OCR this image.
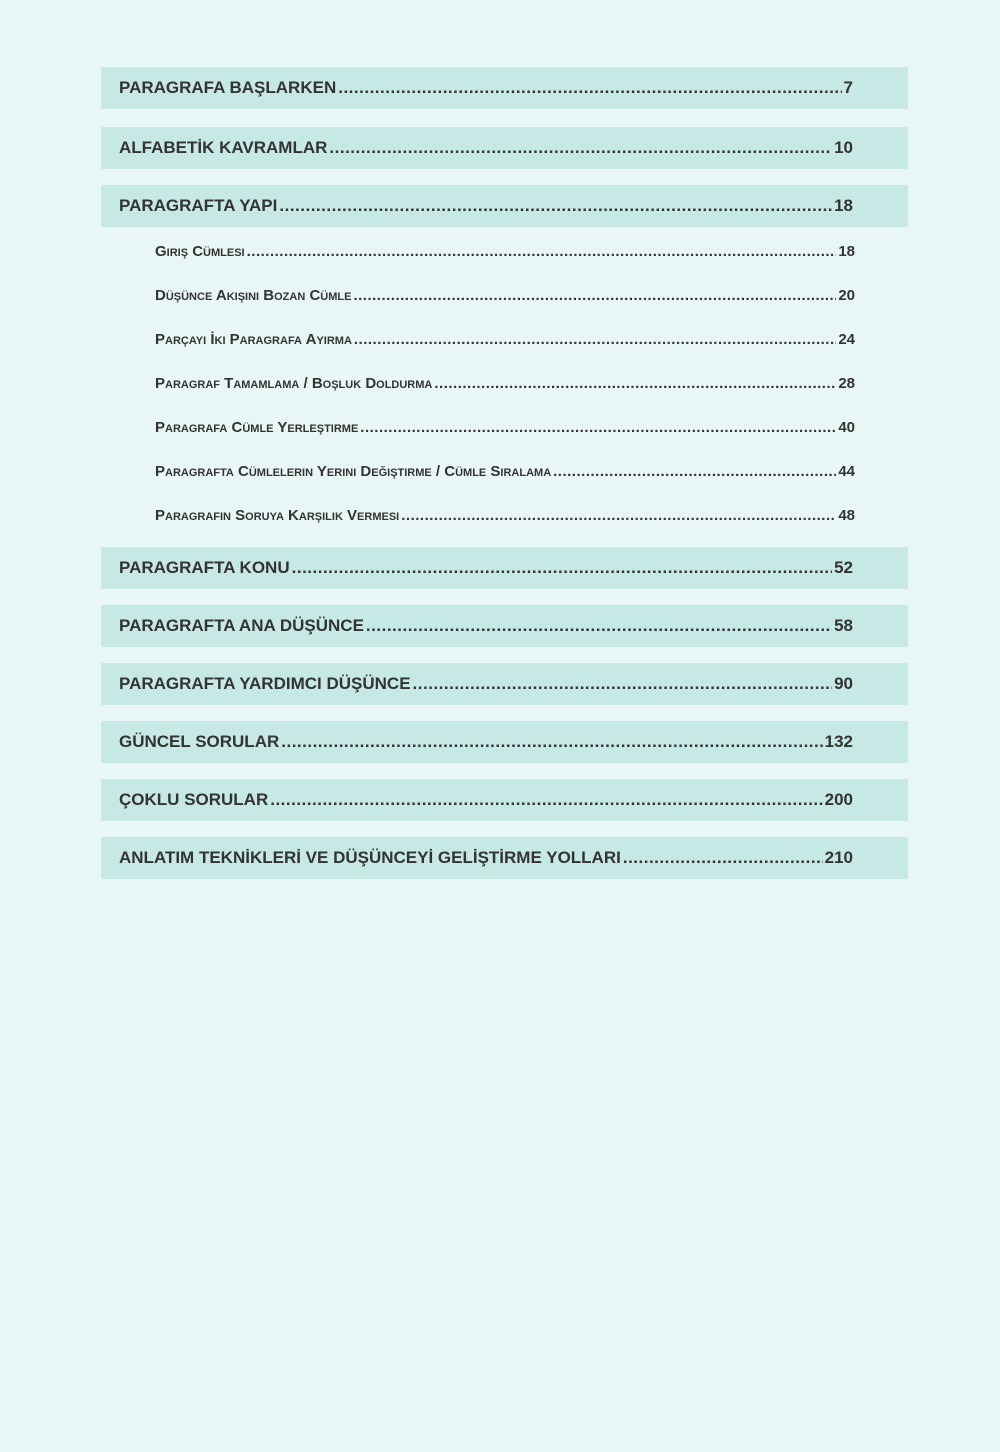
PARAGRAFA BAŞLARKEN .....	7
ALFABETİK KAVRAMLAR .....	10
PARAGRAFTA YAPI .....	18
Giriş Cümlesi .....	18
Düşünce Akışını Bozan Cümle .....	20
Parçayı İki Paragrafa Ayırma .....	24
Paragraf Tamamlama / Boşluk Doldurma .....	28
Paragrafa Cümle Yerleştirme .....	40
Paragrafta Cümlelerin Yerini Değiştirme / Cümle Sıralama .....	44
Paragrafın Soruya Karşılık Vermesi .....	48
PARAGRAFTA KONU .....	52
PARAGRAFTA ANA DÜŞÜNCE .....	58
PARAGRAFTA YARDIMCI DÜŞÜNCE .....	90
GÜNCEL SORULAR .....	132
ÇOKLU SORULAR .....	200
ANLATIM TEKNİKLERİ VE DÜŞÜNCEYİ GELİŞTİRME YOLLARI .....	210
